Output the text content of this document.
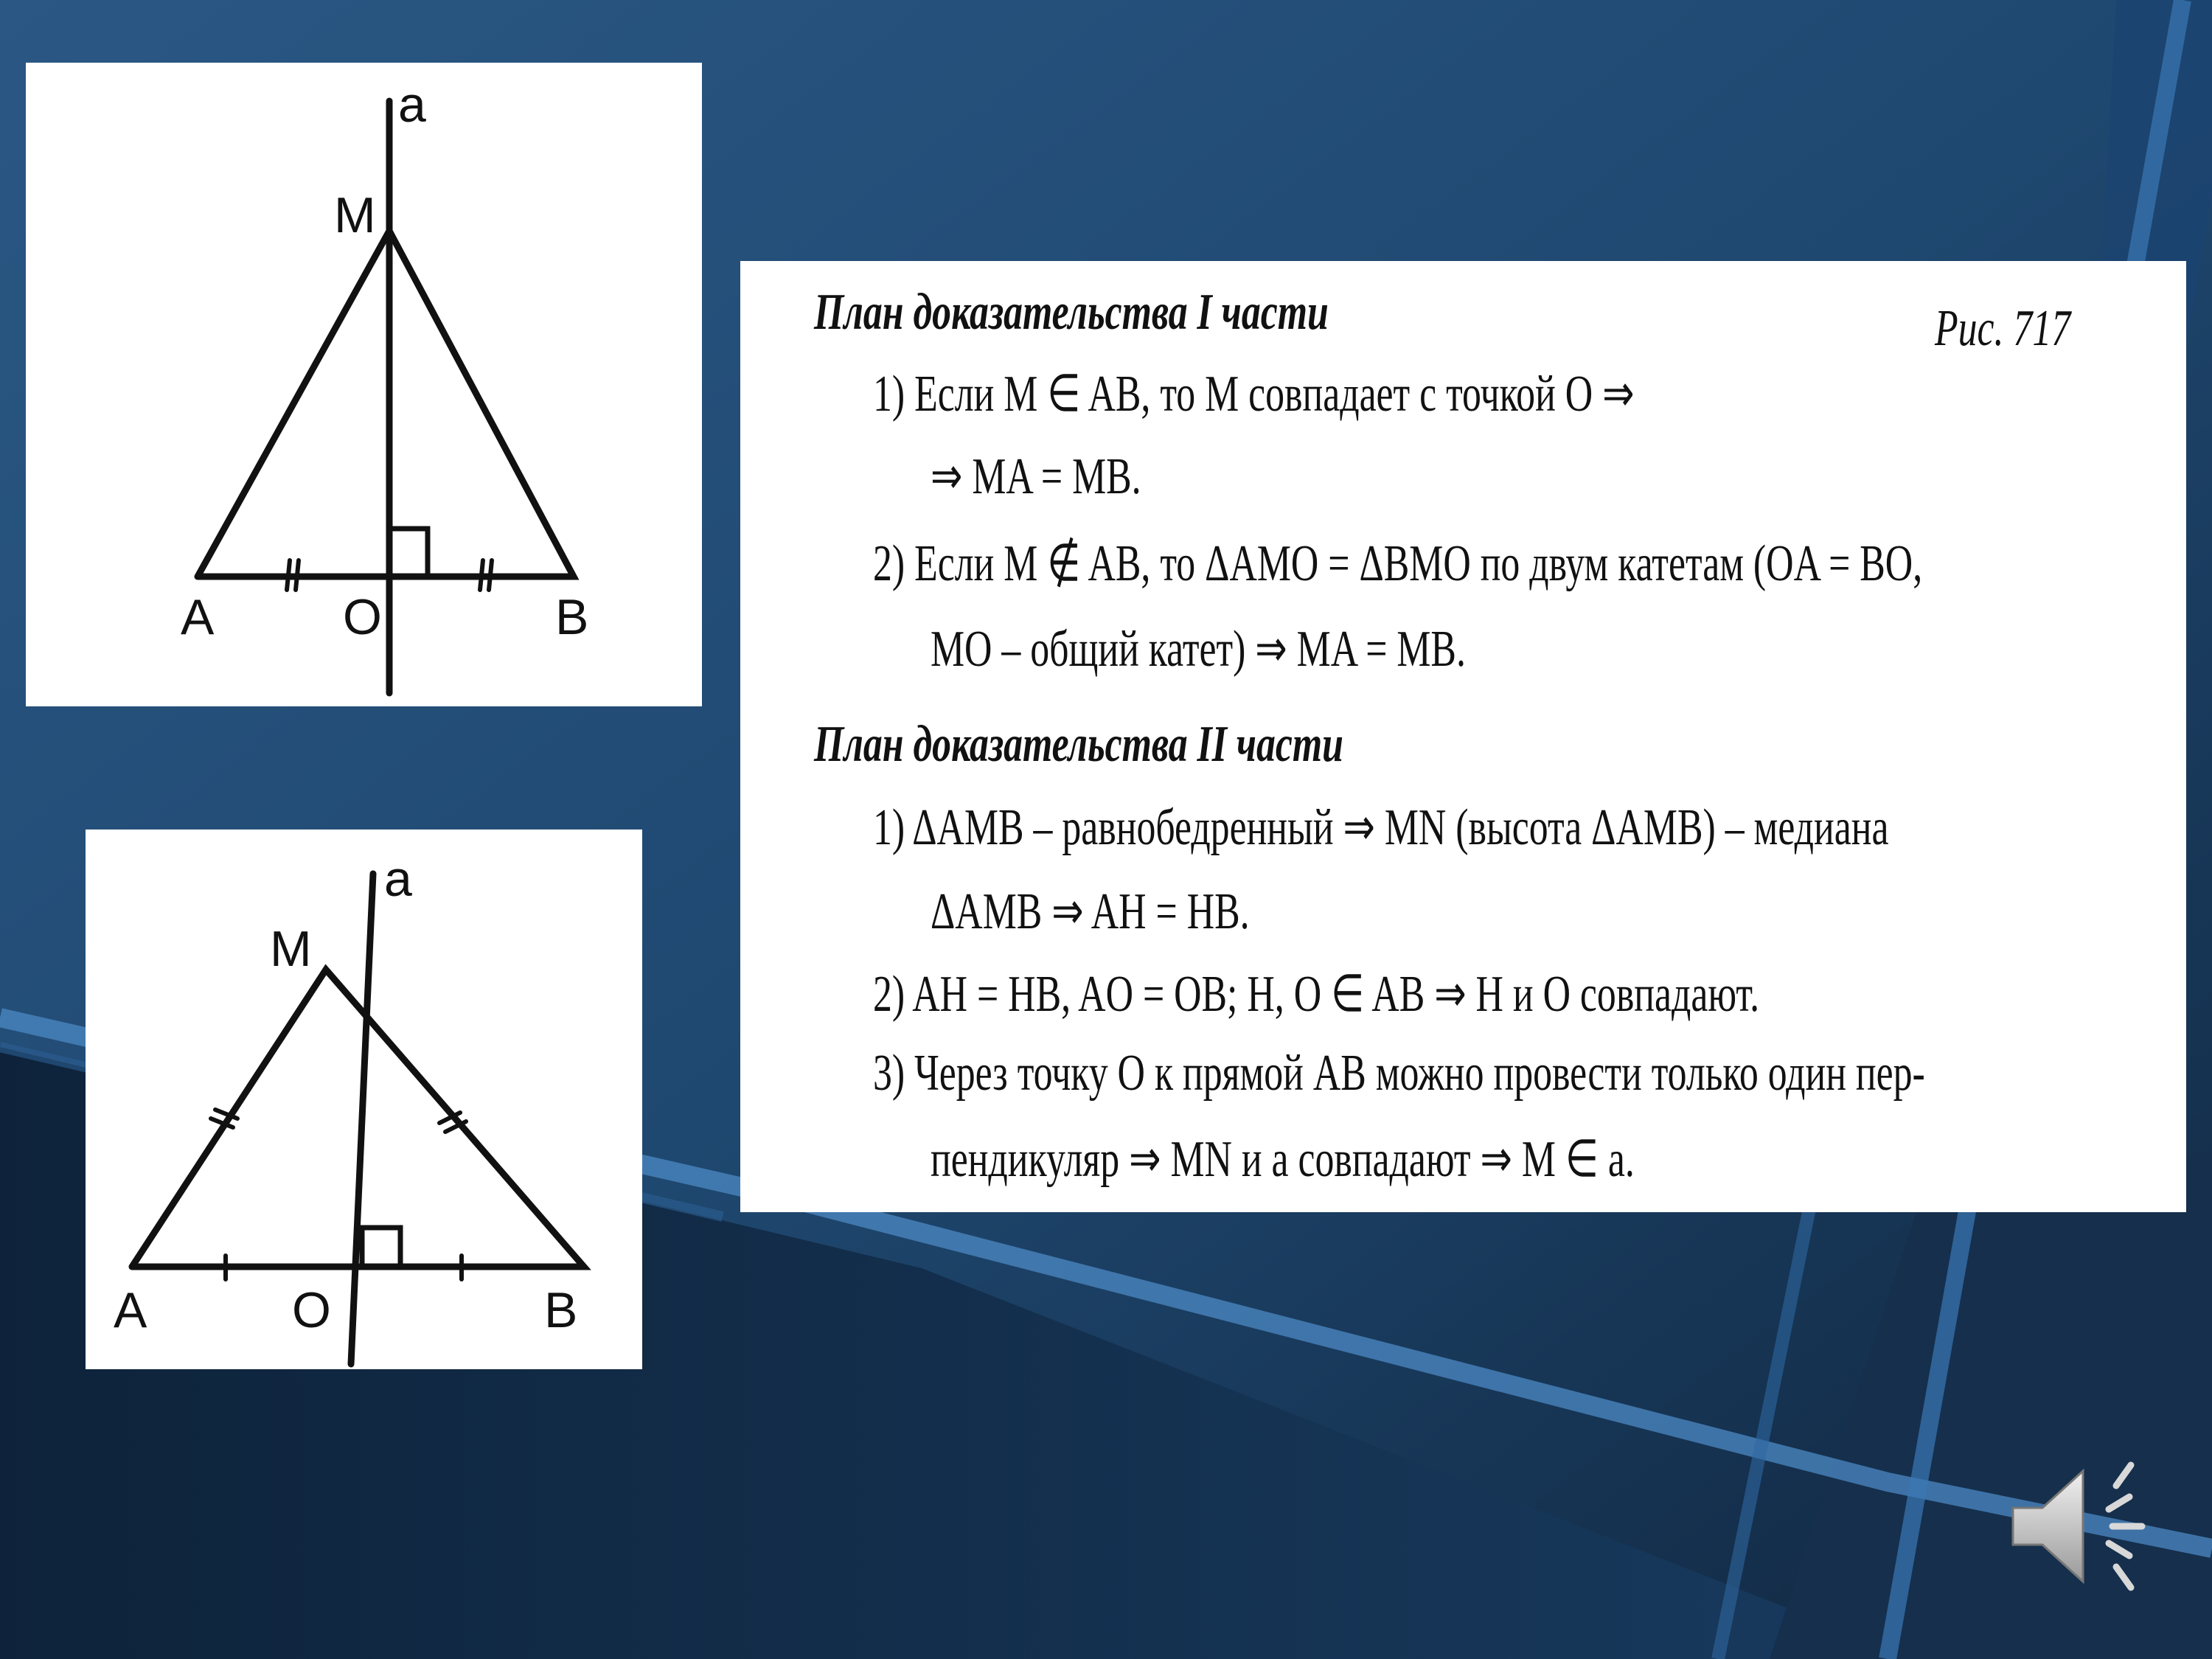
a
M
A	O	B
a
M
A	O	B
План доказательства I части	Рис. 717
1) Если M ∈ AB, то M совпадает с точкой O ⇒
⇒ MA = MB.
2) Если M ∉ AB, то ΔAMO = ΔBMO по двум катетам (OA = BO,
MO – общий катет) ⇒ MA = MB.
План доказательства II части
1) ΔAMB – равнобедренный ⇒ MN (высота ΔAMB) – медиана
ΔAMB ⇒ AH = HB.
2) AH = HB, AO = OB; H, O ∈ AB ⇒ H и O совпадают.
3) Через точку O к прямой AB можно провести только один пер-
пендикуляр ⇒ MN и a совпадают ⇒ M ∈ a.
